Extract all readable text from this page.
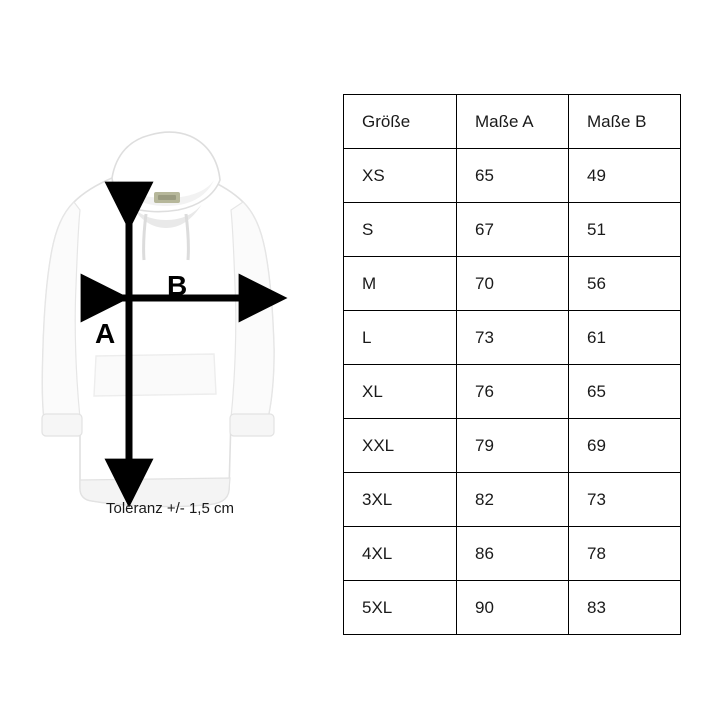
A
B
Toleranz +/- 1,5 cm
Größe	Maße A	Maße B
XS	65	49
S	67	51
M	70	56
L	73	61
XL	76	65
XXL	79	69
3XL	82	73
4XL	86	78
5XL	90	83
